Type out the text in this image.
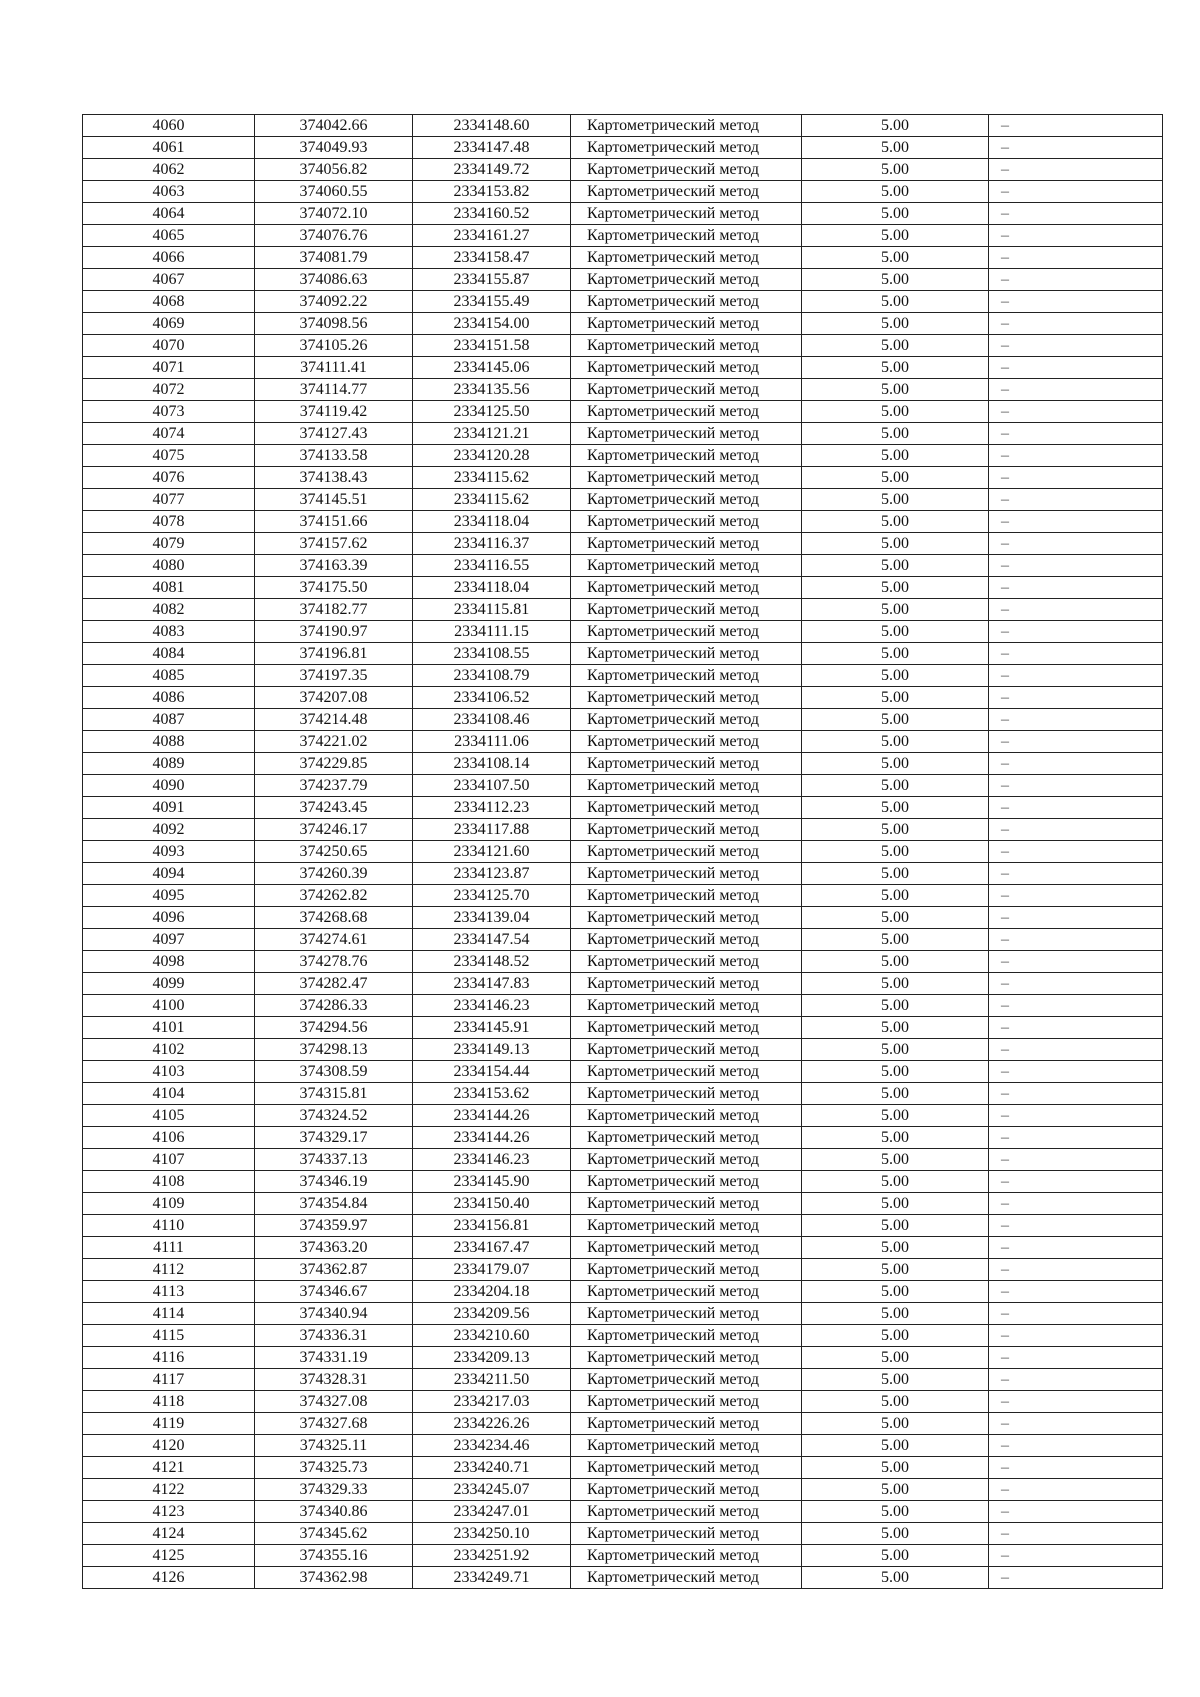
4060	374042.66	2334148.60	Картометрический метод	5.00	–
4061	374049.93	2334147.48	Картометрический метод	5.00	–
4062	374056.82	2334149.72	Картометрический метод	5.00	–
4063	374060.55	2334153.82	Картометрический метод	5.00	–
4064	374072.10	2334160.52	Картометрический метод	5.00	–
4065	374076.76	2334161.27	Картометрический метод	5.00	–
4066	374081.79	2334158.47	Картометрический метод	5.00	–
4067	374086.63	2334155.87	Картометрический метод	5.00	–
4068	374092.22	2334155.49	Картометрический метод	5.00	–
4069	374098.56	2334154.00	Картометрический метод	5.00	–
4070	374105.26	2334151.58	Картометрический метод	5.00	–
4071	374111.41	2334145.06	Картометрический метод	5.00	–
4072	374114.77	2334135.56	Картометрический метод	5.00	–
4073	374119.42	2334125.50	Картометрический метод	5.00	–
4074	374127.43	2334121.21	Картометрический метод	5.00	–
4075	374133.58	2334120.28	Картометрический метод	5.00	–
4076	374138.43	2334115.62	Картометрический метод	5.00	–
4077	374145.51	2334115.62	Картометрический метод	5.00	–
4078	374151.66	2334118.04	Картометрический метод	5.00	–
4079	374157.62	2334116.37	Картометрический метод	5.00	–
4080	374163.39	2334116.55	Картометрический метод	5.00	–
4081	374175.50	2334118.04	Картометрический метод	5.00	–
4082	374182.77	2334115.81	Картометрический метод	5.00	–
4083	374190.97	2334111.15	Картометрический метод	5.00	–
4084	374196.81	2334108.55	Картометрический метод	5.00	–
4085	374197.35	2334108.79	Картометрический метод	5.00	–
4086	374207.08	2334106.52	Картометрический метод	5.00	–
4087	374214.48	2334108.46	Картометрический метод	5.00	–
4088	374221.02	2334111.06	Картометрический метод	5.00	–
4089	374229.85	2334108.14	Картометрический метод	5.00	–
4090	374237.79	2334107.50	Картометрический метод	5.00	–
4091	374243.45	2334112.23	Картометрический метод	5.00	–
4092	374246.17	2334117.88	Картометрический метод	5.00	–
4093	374250.65	2334121.60	Картометрический метод	5.00	–
4094	374260.39	2334123.87	Картометрический метод	5.00	–
4095	374262.82	2334125.70	Картометрический метод	5.00	–
4096	374268.68	2334139.04	Картометрический метод	5.00	–
4097	374274.61	2334147.54	Картометрический метод	5.00	–
4098	374278.76	2334148.52	Картометрический метод	5.00	–
4099	374282.47	2334147.83	Картометрический метод	5.00	–
4100	374286.33	2334146.23	Картометрический метод	5.00	–
4101	374294.56	2334145.91	Картометрический метод	5.00	–
4102	374298.13	2334149.13	Картометрический метод	5.00	–
4103	374308.59	2334154.44	Картометрический метод	5.00	–
4104	374315.81	2334153.62	Картометрический метод	5.00	–
4105	374324.52	2334144.26	Картометрический метод	5.00	–
4106	374329.17	2334144.26	Картометрический метод	5.00	–
4107	374337.13	2334146.23	Картометрический метод	5.00	–
4108	374346.19	2334145.90	Картометрический метод	5.00	–
4109	374354.84	2334150.40	Картометрический метод	5.00	–
4110	374359.97	2334156.81	Картометрический метод	5.00	–
4111	374363.20	2334167.47	Картометрический метод	5.00	–
4112	374362.87	2334179.07	Картометрический метод	5.00	–
4113	374346.67	2334204.18	Картометрический метод	5.00	–
4114	374340.94	2334209.56	Картометрический метод	5.00	–
4115	374336.31	2334210.60	Картометрический метод	5.00	–
4116	374331.19	2334209.13	Картометрический метод	5.00	–
4117	374328.31	2334211.50	Картометрический метод	5.00	–
4118	374327.08	2334217.03	Картометрический метод	5.00	–
4119	374327.68	2334226.26	Картометрический метод	5.00	–
4120	374325.11	2334234.46	Картометрический метод	5.00	–
4121	374325.73	2334240.71	Картометрический метод	5.00	–
4122	374329.33	2334245.07	Картометрический метод	5.00	–
4123	374340.86	2334247.01	Картометрический метод	5.00	–
4124	374345.62	2334250.10	Картометрический метод	5.00	–
4125	374355.16	2334251.92	Картометрический метод	5.00	–
4126	374362.98	2334249.71	Картометрический метод	5.00	–
